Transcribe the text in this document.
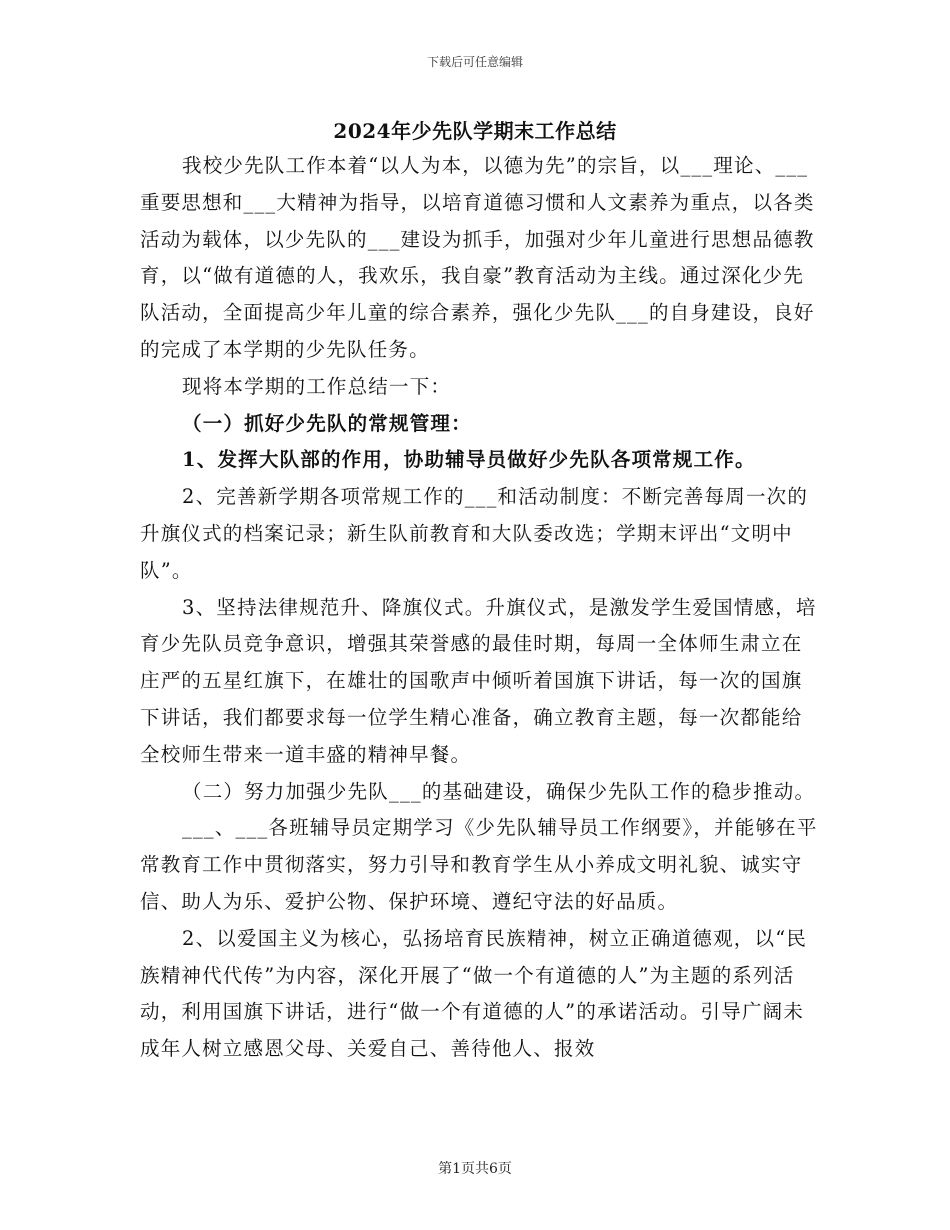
下载后可任意编辑
2024年少先队学期末工作总结

我校少先队工作本着“以人为本，以德为先”的宗旨，以___理论、___重要思想和___大精神为指导，以培育道德习惯和人文素养为重点，以各类活动为载体，以少先队的___建设为抓手，加强对少年儿童进行思想品德教育，以“做有道德的人，我欢乐，我自豪”教育活动为主线。通过深化少先队活动，全面提高少年儿童的综合素养，强化少先队___的自身建设，良好的完成了本学期的少先队任务。

现将本学期的工作总结一下：

（一）抓好少先队的常规管理：

1、发挥大队部的作用，协助辅导员做好少先队各项常规工作。

2、完善新学期各项常规工作的___和活动制度：不断完善每周一次的升旗仪式的档案记录；新生队前教育和大队委改选；学期末评出“文明中队”。

3、坚持法律规范升、降旗仪式。升旗仪式，是激发学生爱国情感，培育少先队员竞争意识，增强其荣誉感的最佳时期，每周一全体师生肃立在庄严的五星红旗下，在雄壮的国歌声中倾听着国旗下讲话，每一次的国旗下讲话，我们都要求每一位学生精心准备，确立教育主题，每一次都能给全校师生带来一道丰盛的精神早餐。

（二）努力加强少先队___的基础建设，确保少先队工作的稳步推动。

___、___各班辅导员定期学习《少先队辅导员工作纲要》，并能够在平常教育工作中贯彻落实，努力引导和教育学生从小养成文明礼貌、诚实守信、助人为乐、爱护公物、保护环境、遵纪守法的好品质。

2、以爱国主义为核心，弘扬培育民族精神，树立正确道德观，以“民族精神代代传”为内容，深化开展了“做一个有道德的人”为主题的系列活动，利用国旗下讲话，进行“做一个有道德的人”的承诺活动。引导广阔未成年人树立感恩父母、关爱自己、善待他人、报效

第1页共6页
